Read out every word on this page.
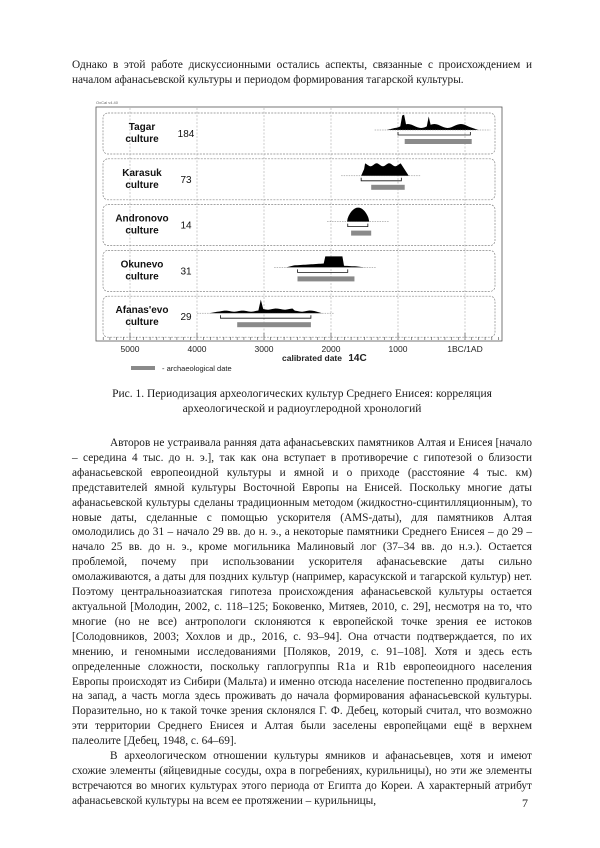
Однако в этой работе дискуссионными остались аспекты, связанные с происхождением и началом афанасьевской культуры и периодом формирования тагарской культуры.
OxCal v4.40
Tagar
culture 184
Karasuk
culture 73
Andronovo
culture 14
Okunevo
culture 31
Afanas'evo
culture 29
5000	4000	3000	2000	1000	1BC/1AD
- archaeological date
calibrated date 14C
Рис. 1. Периодизация археологических культур Среднего Енисея: корреляция археологической и радиоуглеродной хронологий
Авторов не устраивала ранняя дата афанасьевских памятников Алтая и Енисея [начало – середина 4 тыс. до н. э.], так как она вступает в противоречие с гипотезой о близости афанасьевской европеоидной культуры и ямной и о приходе (расстояние 4 тыс. км) представителей ямной культуры Восточной Европы на Енисей. Поскольку многие даты афанасьевской культуры сделаны традиционным методом (жидкостно-сцинтилляционным), то новые даты, сделанные с помощью ускорителя (AMS-даты), для памятников Алтая омолодились до 31 – начало 29 вв. до н. э., а некоторые памятники Среднего Енисея – до 29 – начало 25 вв. до н. э., кроме могильника Малиновый лог (37–34 вв. до н.э.). Остается проблемой, почему при использовании ускорителя афанасьевские даты сильно омолаживаются, а даты для поздних культур (например, карасукской и тагарской культур) нет. Поэтому центральноазиатская гипотеза происхождения афанасьевской культуры остается актуальной [Молодин, 2002, с. 118–125; Боковенко, Митяев, 2010, с. 29], несмотря на то, что многие (но не все) антропологи склоняются к европейской точке зрения ее истоков [Солодовников, 2003; Хохлов и др., 2016, с. 93–94]. Она отчасти подтверждается, по их мнению, и геномными исследованиями [Поляков, 2019, с. 91–108]. Хотя и здесь есть определенные сложности, поскольку гаплогруппы R1a и R1b европеоидного населения Европы происходят из Сибири (Мальта) и именно отсюда население постепенно продвигалось на запад, а часть могла здесь проживать до начала формирования афанасьевской культуры. Поразительно, но к такой точке зрения склонялся Г. Ф. Дебец, который считал, что возможно эти территории Среднего Енисея и Алтая были заселены европейцами ещё в верхнем палеолите [Дебец, 1948, с. 64–69].
В археологическом отношении культуры ямников и афанасьевцев, хотя и имеют схожие элементы (яйцевидные сосуды, охра в погребениях, курильницы), но эти же элементы встречаются во многих культурах этого периода от Египта до Кореи. А характерный атрибут афанасьевской культуры на всем ее протяжении – курильницы,	7
